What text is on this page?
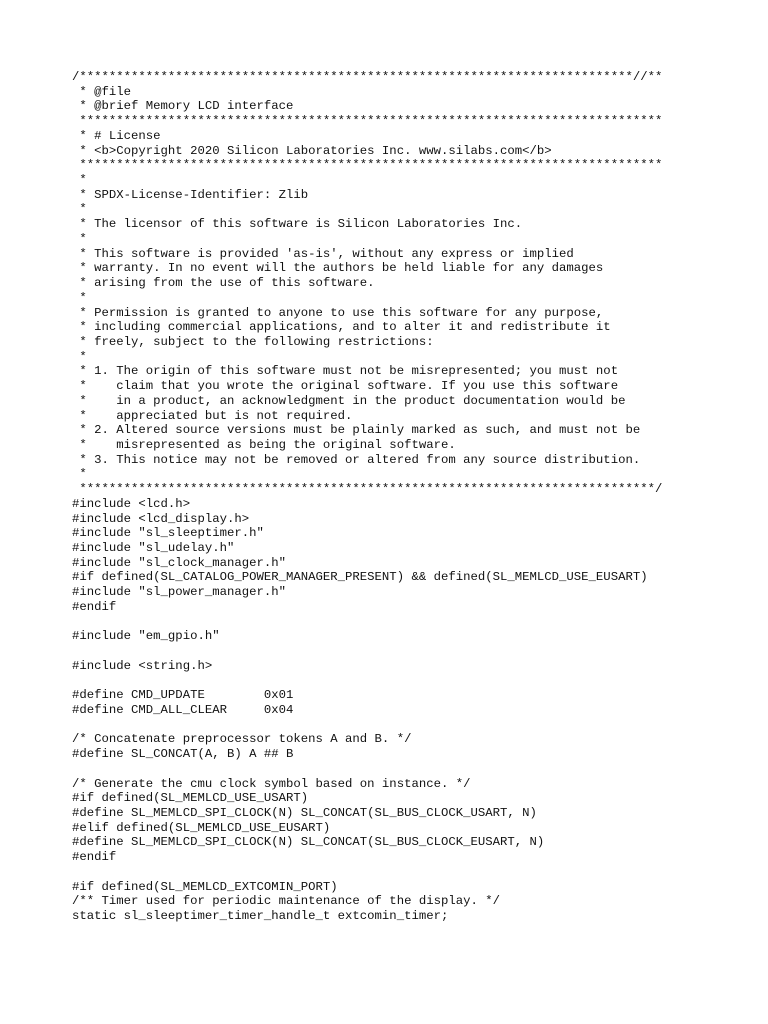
/***************************************************************************//**
* @file
* @brief Memory LCD interface
*******************************************************************************
* # License
* <b>Copyright 2020 Silicon Laboratories Inc. www.silabs.com</b>
*******************************************************************************
*
* SPDX-License-Identifier: Zlib
*
* The licensor of this software is Silicon Laboratories Inc.
*
* This software is provided 'as-is', without any express or implied
* warranty. In no event will the authors be held liable for any damages
* arising from the use of this software.
*
* Permission is granted to anyone to use this software for any purpose,
* including commercial applications, and to alter it and redistribute it
* freely, subject to the following restrictions:
*
* 1. The origin of this software must not be misrepresented; you must not
*    claim that you wrote the original software. If you use this software
*    in a product, an acknowledgment in the product documentation would be
*    appreciated but is not required.
* 2. Altered source versions must be plainly marked as such, and must not be
*    misrepresented as being the original software.
* 3. This notice may not be removed or altered from any source distribution.
*
******************************************************************************/
#include <lcd.h>
#include <lcd_display.h>
#include "sl_sleeptimer.h"
#include "sl_udelay.h"
#include "sl_clock_manager.h"
#if defined(SL_CATALOG_POWER_MANAGER_PRESENT) && defined(SL_MEMLCD_USE_EUSART)
#include "sl_power_manager.h"
#endif
#include "em_gpio.h"
#include <string.h>
#define CMD_UPDATE        0x01
#define CMD_ALL_CLEAR     0x04
/* Concatenate preprocessor tokens A and B. */
#define SL_CONCAT(A, B) A ## B
/* Generate the cmu clock symbol based on instance. */
#if defined(SL_MEMLCD_USE_USART)
#define SL_MEMLCD_SPI_CLOCK(N) SL_CONCAT(SL_BUS_CLOCK_USART, N)
#elif defined(SL_MEMLCD_USE_EUSART)
#define SL_MEMLCD_SPI_CLOCK(N) SL_CONCAT(SL_BUS_CLOCK_EUSART, N)
#endif
#if defined(SL_MEMLCD_EXTCOMIN_PORT)
/** Timer used for periodic maintenance of the display. */
static sl_sleeptimer_timer_handle_t extcomin_timer;
